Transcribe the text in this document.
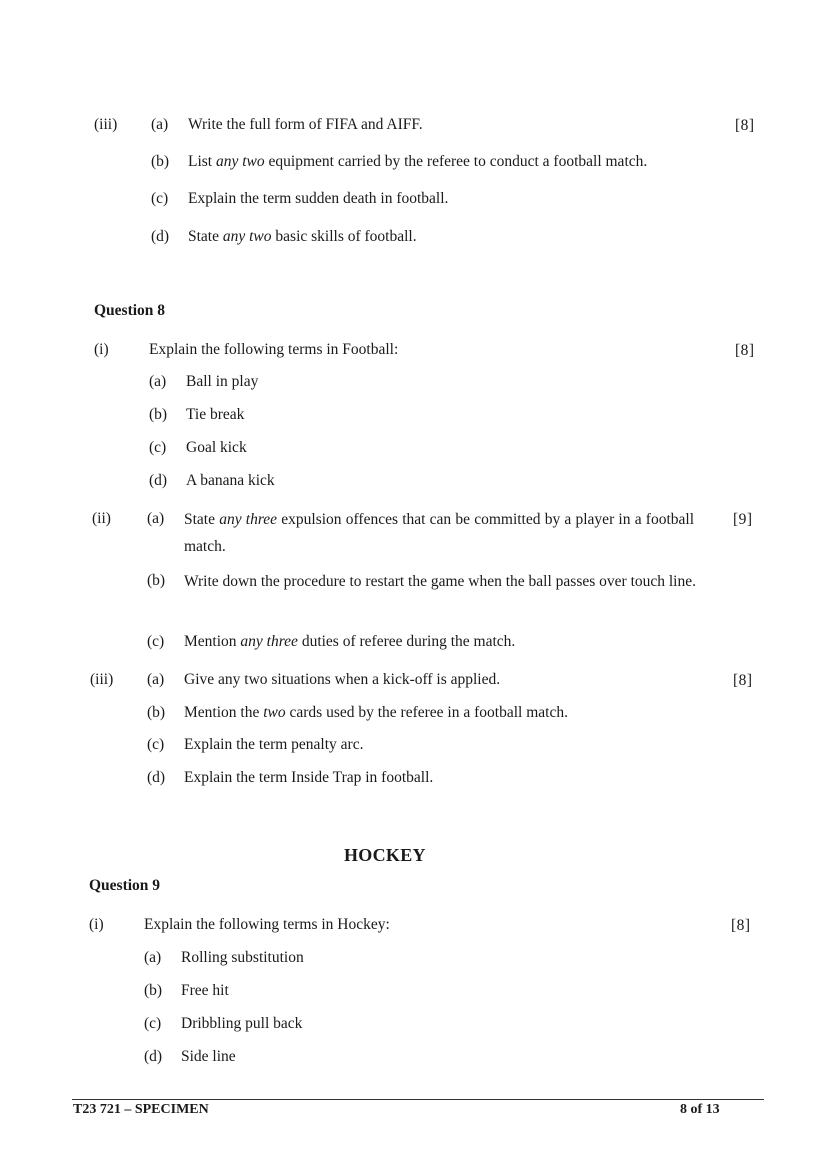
(iii)	[8]
(a) Write the full form of FIFA and AIFF.
(b) List any two equipment carried by the referee to conduct a football match.
(c) Explain the term sudden death in football.
(d) State any two basic skills of football.
Question 8
(i)	Explain the following terms in Football:	[8]
(a) Ball in play
(b) Tie break
(c) Goal kick
(d) A banana kick
(ii)	[9]
(a) State any three expulsion offences that can be committed by a player in a football match.
(b) Write down the procedure to restart the game when the ball passes over touch line.
(c) Mention any three duties of referee during the match.
(iii)	[8]
(a) Give any two situations when a kick-off is applied.
(b) Mention the two cards used by the referee in a football match.
(c) Explain the term penalty arc.
(d) Explain the term Inside Trap in football.
HOCKEY
Question 9
(i)	Explain the following terms in Hockey:	[8]
(a) Rolling substitution
(b) Free hit
(c) Dribbling pull back
(d) Side line
T23 721 – SPECIMEN	8 of 13
